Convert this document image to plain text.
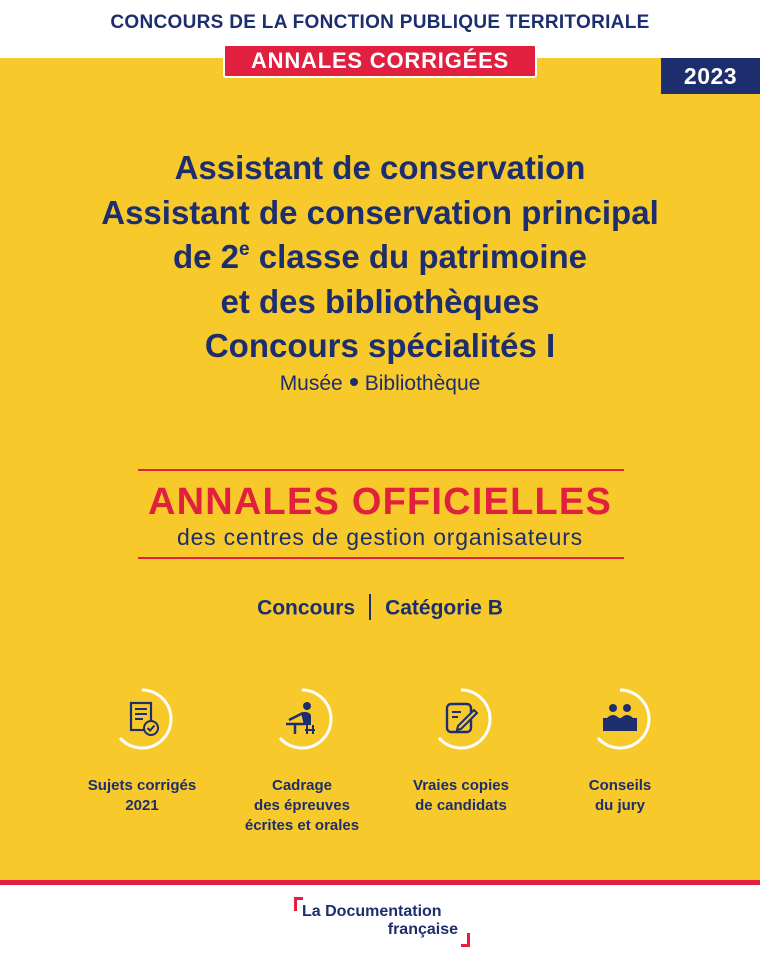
CONCOURS DE LA FONCTION PUBLIQUE TERRITORIALE
ANNALES CORRIGÉES
2023
Assistant de conservation
Assistant de conservation principal
de 2e classe du patrimoine
et des bibliothèques
Concours spécialités I
Musée Bibliothèque
ANNALES OFFICIELLES
des centres de gestion organisateurs
Concours Catégorie B
Sujets corrigés
2021
Cadrage
des épreuves
écrites et orales
Vraies copies
de candidats
Conseils
du jury
La Documentation
française
